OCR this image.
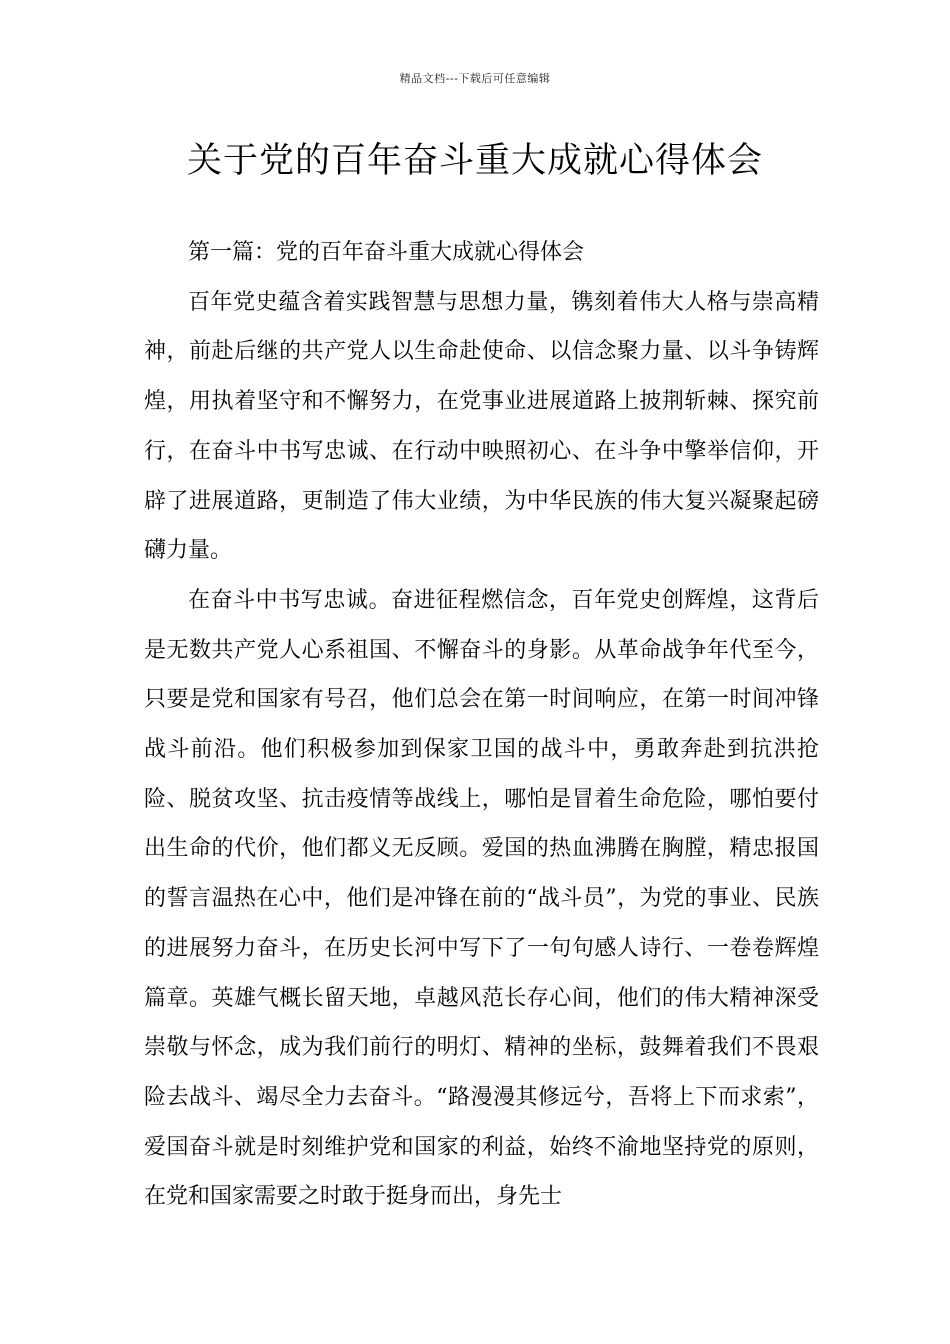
精品文档---下载后可任意编辑
关于党的百年奋斗重大成就心得体会

第一篇：党的百年奋斗重大成就心得体会

百年党史蕴含着实践智慧与思想力量，镌刻着伟大人格与崇高精神，前赴后继的共产党人以生命赴使命、以信念聚力量、以斗争铸辉煌，用执着坚守和不懈努力，在党事业进展道路上披荆斩棘、探究前行，在奋斗中书写忠诚、在行动中映照初心、在斗争中擎举信仰，开辟了进展道路，更制造了伟大业绩，为中华民族的伟大复兴凝聚起磅礴力量。

在奋斗中书写忠诚。奋进征程燃信念，百年党史创辉煌，这背后是无数共产党人心系祖国、不懈奋斗的身影。从革命战争年代至今，只要是党和国家有号召，他们总会在第一时间响应，在第一时间冲锋战斗前沿。他们积极参加到保家卫国的战斗中，勇敢奔赴到抗洪抢险、脱贫攻坚、抗击疫情等战线上，哪怕是冒着生命危险，哪怕要付出生命的代价，他们都义无反顾。爱国的热血沸腾在胸膛，精忠报国的誓言温热在心中，他们是冲锋在前的“战斗员”，为党的事业、民族的进展努力奋斗，在历史长河中写下了一句句感人诗行、一卷卷辉煌篇章。英雄气概长留天地，卓越风范长存心间，他们的伟大精神深受崇敬与怀念，成为我们前行的明灯、精神的坐标，鼓舞着我们不畏艰险去战斗、竭尽全力去奋斗。“路漫漫其修远兮，吾将上下而求索”，爱国奋斗就是时刻维护党和国家的利益，始终不渝地坚持党的原则，在党和国家需要之时敢于挺身而出，身先士
